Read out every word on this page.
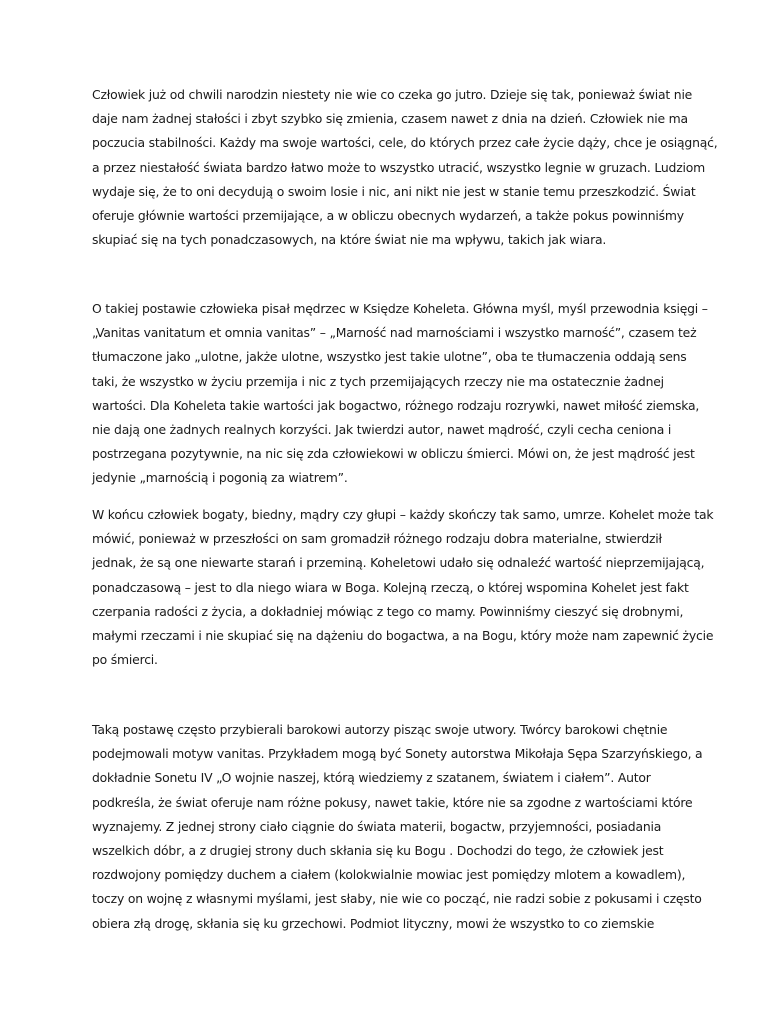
Człowiek już od chwili narodzin niestety nie wie co czeka go jutro. Dzieje się tak, ponieważ świat nie

daje nam żadnej stałości i zbyt szybko się zmienia, czasem nawet z dnia na dzień. Człowiek nie ma

poczucia stabilności. Każdy ma swoje wartości, cele, do których przez całe życie dąży, chce je osiągnąć,

a przez niestałość świata bardzo łatwo może to wszystko utracić, wszystko legnie w gruzach. Ludziom

wydaje się, że to oni decydują o swoim losie i nic, ani nikt nie jest w stanie temu przeszkodzić. Świat

oferuje głównie wartości przemijające, a w obliczu obecnych wydarzeń, a także pokus powinniśmy

skupiać się na tych ponadczasowych, na które świat nie ma wpływu, takich jak wiara.

O takiej postawie człowieka pisał mędrzec w Księdze Koheleta. Główna myśl, myśl przewodnia księgi –

„Vanitas vanitatum et omnia vanitas” – „Marność nad marnościami i wszystko marność”, czasem też

tłumaczone jako „ulotne, jakże ulotne, wszystko jest takie ulotne”, oba te tłumaczenia oddają sens

taki, że wszystko w życiu przemija i nic z tych przemijających rzeczy nie ma ostatecznie żadnej

wartości. Dla Koheleta takie wartości jak bogactwo, różnego rodzaju rozrywki, nawet miłość ziemska,

nie dają one żadnych realnych korzyści. Jak twierdzi autor, nawet mądrość, czyli cecha ceniona i

postrzegana pozytywnie, na nic się zda człowiekowi w obliczu śmierci. Mówi on, że jest mądrość jest

jedynie „marnością i pogonią za wiatrem”.

W końcu człowiek bogaty, biedny, mądry czy głupi – każdy skończy tak samo, umrze. Kohelet może tak

mówić, ponieważ w przeszłości on sam gromadził różnego rodzaju dobra materialne, stwierdził

jednak, że są one niewarte starań i przeminą. Koheletowi udało się odnaleźć wartość nieprzemijającą,

ponadczasową – jest to dla niego wiara w Boga. Kolejną rzeczą, o której wspomina Kohelet jest fakt

czerpania radości z życia, a dokładniej mówiąc z tego co mamy. Powinniśmy cieszyć się drobnymi,

małymi rzeczami i nie skupiać się na dążeniu do bogactwa, a na Bogu, który może nam zapewnić życie

po śmierci.

Taką postawę często przybierali barokowi autorzy pisząc swoje utwory. Twórcy barokowi chętnie

podejmowali motyw vanitas. Przykładem mogą być Sonety autorstwa Mikołaja Sępa Szarzyńskiego, a

dokładnie Sonetu IV „O wojnie naszej, którą wiedziemy z szatanem, światem i ciałem”. Autor

podkreśla, że świat oferuje nam różne pokusy, nawet takie, które nie sa zgodne z wartościami które

wyznajemy. Z jednej strony ciało ciągnie do świata materii, bogactw, przyjemności, posiadania

wszelkich dóbr, a z drugiej strony duch skłania się ku Bogu . Dochodzi do tego, że człowiek jest

rozdwojony pomiędzy duchem a ciałem (kolokwialnie mowiac jest pomiędzy mlotem a kowadlem),

toczy on wojnę z własnymi myślami, jest słaby, nie wie co począć, nie radzi sobie z pokusami i często

obiera złą drogę, skłania się ku grzechowi. Podmiot lityczny, mowi że wszystko to co ziemskie
